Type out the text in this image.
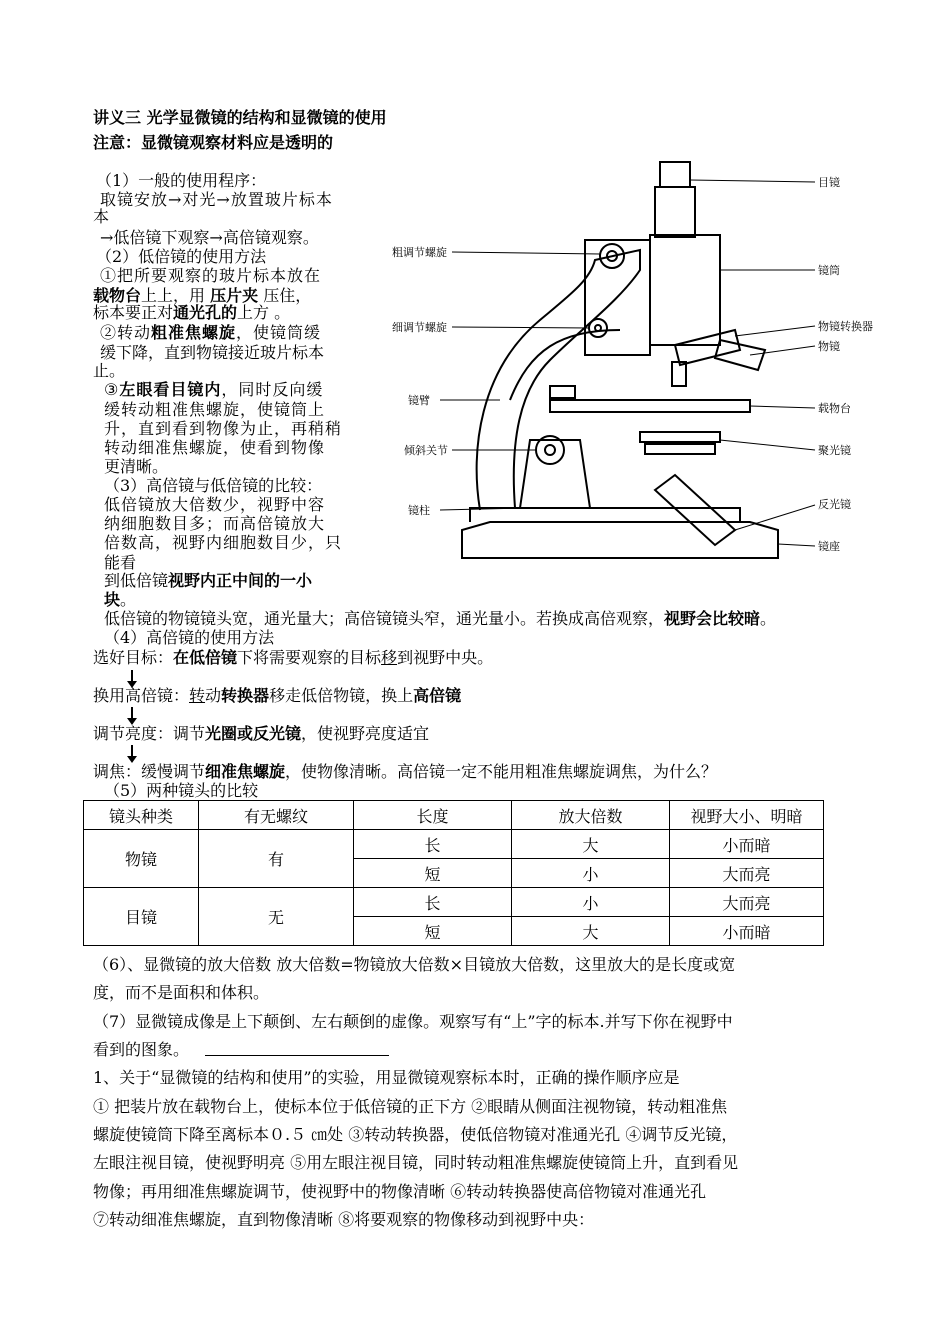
讲义三 光学显微镜的结构和显微镜的使用
注意：显微镜观察材料应是透明的
（1）一般的使用程序：
取镜安放→对光→放置玻片标本
本
→低倍镜下观察→高倍镜观察。
（2）低倍镜的使用方法
①把所要观察的玻片标本放在
载物台上上，用 压片夹 压住，
标本要正对通光孔的上方 。
②转动粗准焦螺旋，使镜筒缓
缓下降，直到物镜接近玻片标本
止。
③左眼看目镜内，同时反向缓
缓转动粗准焦螺旋，使镜筒上
升，直到看到物像为止，再稍稍
转动细准焦螺旋，使看到物像
更清晰。
（3）高倍镜与低倍镜的比较：
低倍镜放大倍数少，视野中容
纳细胞数目多；而高倍镜放大
倍数高，视野内细胞数目少，只
能看
到低倍镜视野内正中间的一小
块。
低倍镜的物镜镜头宽，通光量大；高倍镜镜头窄，通光量小。若换成高倍观察，视野会比较暗。
（4）高倍镜的使用方法
选好目标：在低倍镜下将需要观察的目标移到视野中央。
换用高倍镜：转动转换器移走低倍物镜，换上高倍镜
调节亮度：调节光圈或反光镜，使视野亮度适宜
调焦：缓慢调节细准焦螺旋，使物像清晰。高倍镜一定不能用粗准焦螺旋调焦，为什么？
（5）两种镜头的比较
镜头种类	有无螺纹	长度	放大倍数	视野大小、明暗
物镜	有	长	大	小而暗
		短	小	大而亮
目镜	无	长	小	大而亮
		短	大	小而暗
（6）、显微镜的放大倍数 放大倍数=物镜放大倍数×目镜放大倍数，这里放大的是长度或宽
度，而不是面积和体积。
（7）显微镜成像是上下颠倒、左右颠倒的虚像。观察写有“上”字的标本.并写下你在视野中
看到的图象。
1、关于“显微镜的结构和使用”的实验，用显微镜观察标本时，正确的操作顺序应是
① 把装片放在载物台上，使标本位于低倍镜的正下方 ②眼睛从侧面注视物镜，转动粗准焦
螺旋使镜筒下降至离标本０.５ ㎝处 ③转动转换器，使低倍物镜对准通光孔 ④调节反光镜，
左眼注视目镜，使视野明亮 ⑤用左眼注视目镜，同时转动粗准焦螺旋使镜筒上升，直到看见
物像；再用细准焦螺旋调节，使视野中的物像清晰 ⑥转动转换器使高倍物镜对准通光孔
⑦转动细准焦螺旋，直到物像清晰 ⑧将要观察的物像移动到视野中央：
目镜
镜筒
物镜转换器
物镜
载物台
聚光镜
反光镜
镜座
粗调节螺旋
细调节螺旋
镜臂
倾斜关节
镜柱
